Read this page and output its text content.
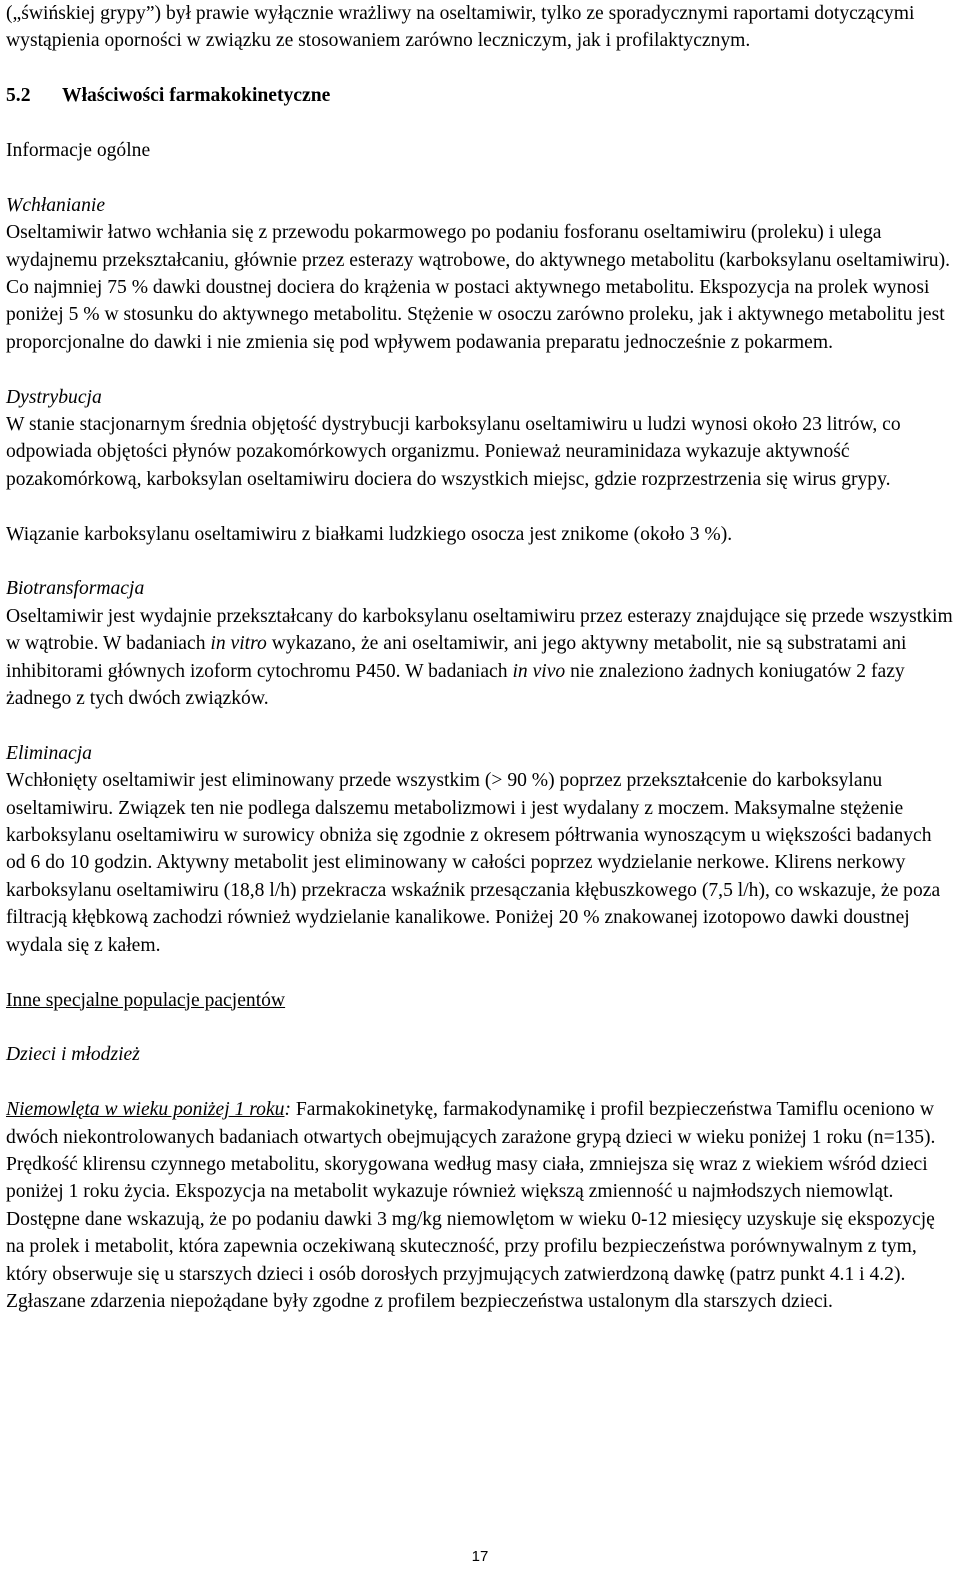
(„świńskiej grypy”) był prawie wyłącznie wrażliwy na oseltamiwir, tylko ze sporadycznymi raportami dotyczącymi wystąpienia oporności w związku ze stosowaniem zarówno leczniczym, jak i profilaktycznym.

5.2 Właściwości farmakokinetyczne

Informacje ogólne

Wchłanianie

Oseltamiwir łatwo wchłania się z przewodu pokarmowego po podaniu fosforanu oseltamiwiru (proleku) i ulega wydajnemu przekształcaniu, głównie przez esterazy wątrobowe, do aktywnego metabolitu (karboksylanu oseltamiwiru). Co najmniej 75 % dawki doustnej dociera do krążenia w postaci aktywnego metabolitu. Ekspozycja na prolek wynosi poniżej 5 % w stosunku do aktywnego metabolitu. Stężenie w osoczu zarówno proleku, jak i aktywnego metabolitu jest proporcjonalne do dawki i nie zmienia się pod wpływem podawania preparatu jednocześnie z pokarmem.

Dystrybucja

W stanie stacjonarnym średnia objętość dystrybucji karboksylanu oseltamiwiru u ludzi wynosi około 23 litrów, co odpowiada objętości płynów pozakomórkowych organizmu. Ponieważ neuraminidaza wykazuje aktywność pozakomórkową, karboksylan oseltamiwiru dociera do wszystkich miejsc, gdzie rozprzestrzenia się wirus grypy.

Wiązanie karboksylanu oseltamiwiru z białkami ludzkiego osocza jest znikome (około 3 %).

Biotransformacja

Oseltamiwir jest wydajnie przekształcany do karboksylanu oseltamiwiru przez esterazy znajdujące się przede wszystkim w wątrobie. W badaniach in vitro wykazano, że ani oseltamiwir, ani jego aktywny metabolit, nie są substratami ani inhibitorami głównych izoform cytochromu P450. W badaniach in vivo nie znaleziono żadnych koniugatów 2 fazy żadnego z tych dwóch związków.

Eliminacja

Wchłonięty oseltamiwir jest eliminowany przede wszystkim (> 90 %) poprzez przekształcenie do karboksylanu oseltamiwiru. Związek ten nie podlega dalszemu metabolizmowi i jest wydalany z moczem. Maksymalne stężenie karboksylanu oseltamiwiru w surowicy obniża się zgodnie z okresem półtrwania wynoszącym u większości badanych od 6 do 10 godzin. Aktywny metabolit jest eliminowany w całości poprzez wydzielanie nerkowe. Klirens nerkowy karboksylanu oseltamiwiru (18,8 l/h) przekracza wskaźnik przesączania kłębuszkowego (7,5 l/h), co wskazuje, że poza filtracją kłębkową zachodzi również wydzielanie kanalikowe. Poniżej 20 % znakowanej izotopowo dawki doustnej wydala się z kałem.

Inne specjalne populacje pacjentów

Dzieci i młodzież

Niemowlęta w wieku poniżej 1 roku: Farmakokinetykę, farmakodynamikę i profil bezpieczeństwa Tamiflu oceniono w dwóch niekontrolowanych badaniach otwartych obejmujących zarażone grypą dzieci w wieku poniżej 1 roku (n=135). Prędkość klirensu czynnego metabolitu, skorygowana według masy ciała, zmniejsza się wraz z wiekiem wśród dzieci poniżej 1 roku życia. Ekspozycja na metabolit wykazuje również większą zmienność u najmłodszych niemowląt. Dostępne dane wskazują, że po podaniu dawki 3 mg/kg niemowlętom w wieku 0-12 miesięcy uzyskuje się ekspozycję na prolek i metabolit, która zapewnia oczekiwaną skuteczność, przy profilu bezpieczeństwa porównywalnym z tym, który obserwuje się u starszych dzieci i osób dorosłych przyjmujących zatwierdzoną dawkę (patrz punkt 4.1 i 4.2). Zgłaszane zdarzenia niepożądane były zgodne z profilem bezpieczeństwa ustalonym dla starszych dzieci.

17
